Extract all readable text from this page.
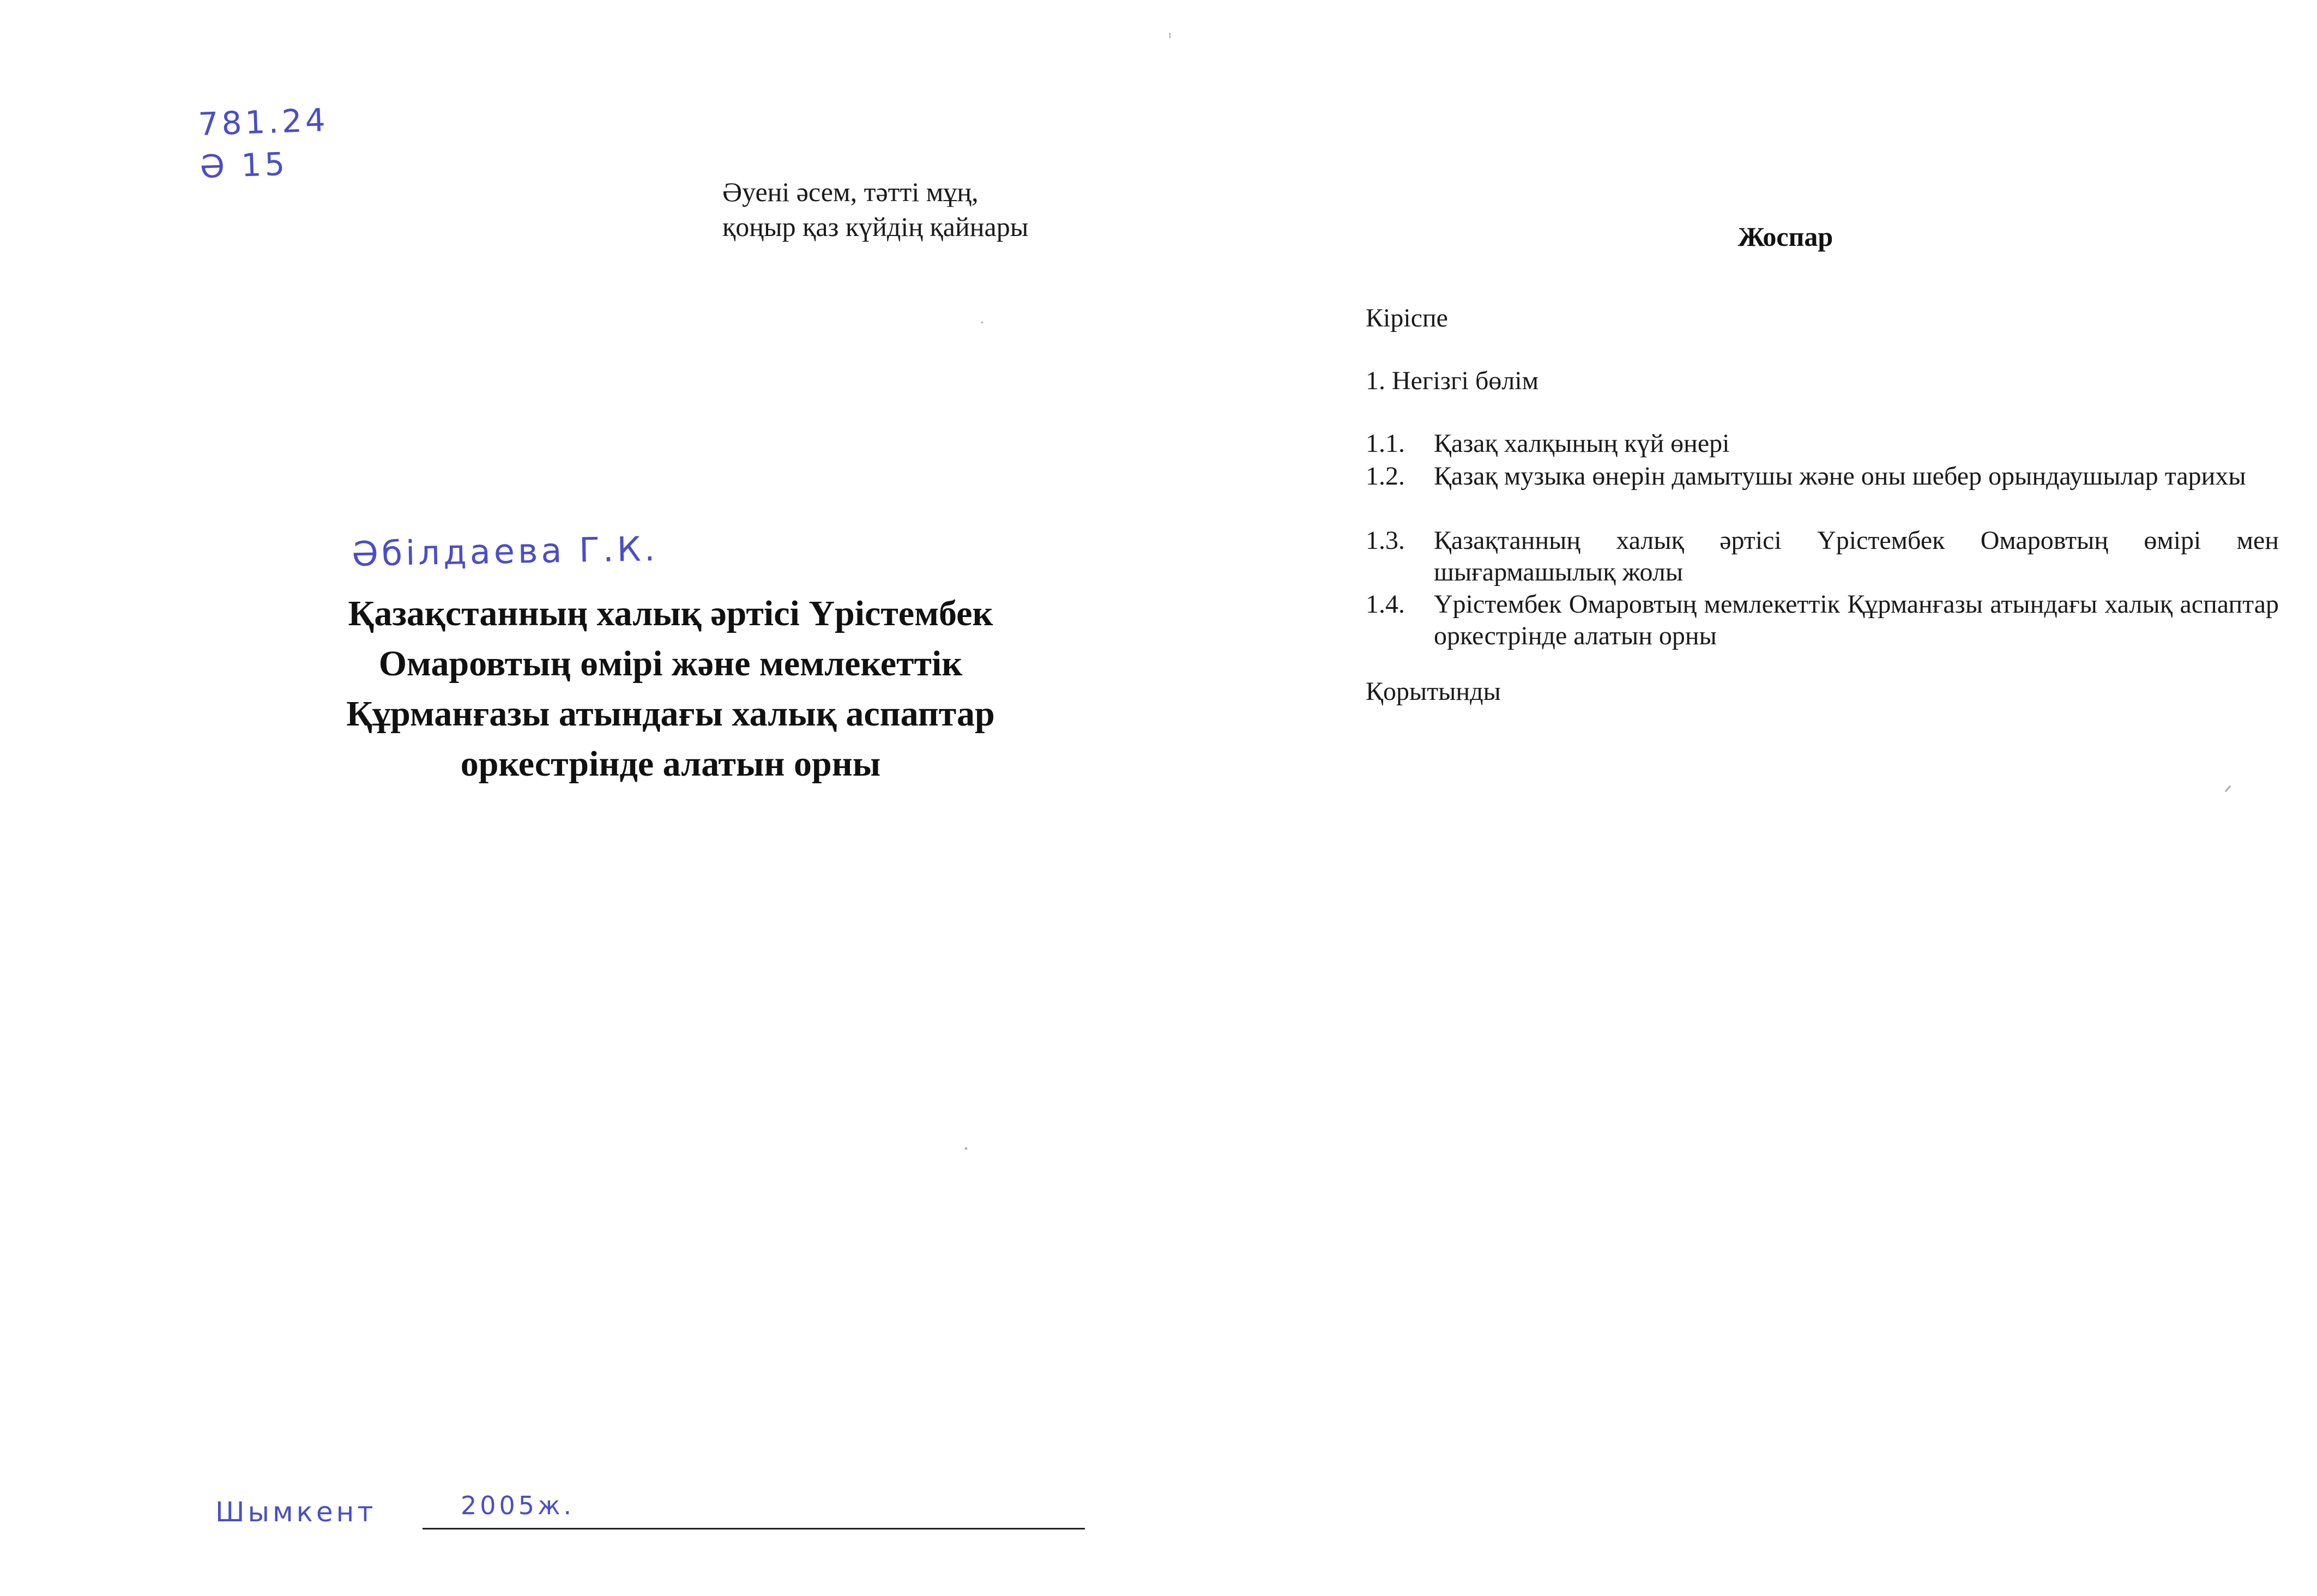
781.24
Ә 15
Әуені әсем, тәтті мұң,
қоңыр қаз күйдің қайнары
Әбілдаева Г.К.
Қазақстанның халық әртісі Үрістембек
Омаровтың өмірі және мемлекеттік
Құрманғазы атындағы халық аспаптар
оркестрінде алатын орны
Шымкент	2005ж.
Жоспар
Кіріспе
1. Негізгі бөлім
1.1.	Қазақ халқының күй өнері
1.2.	Қазақ музыка өнерін дамытушы және оны шебер орындаушылар тарихы
1.3.	Қазақтанның халық әртісі Үрістембек Омаровтың өмірі мен шығармашылық жолы
1.4.	Үрістембек Омаровтың мемлекеттік Құрманғазы атындағы халық аспаптар оркестрінде алатын орны
Қорытынды
